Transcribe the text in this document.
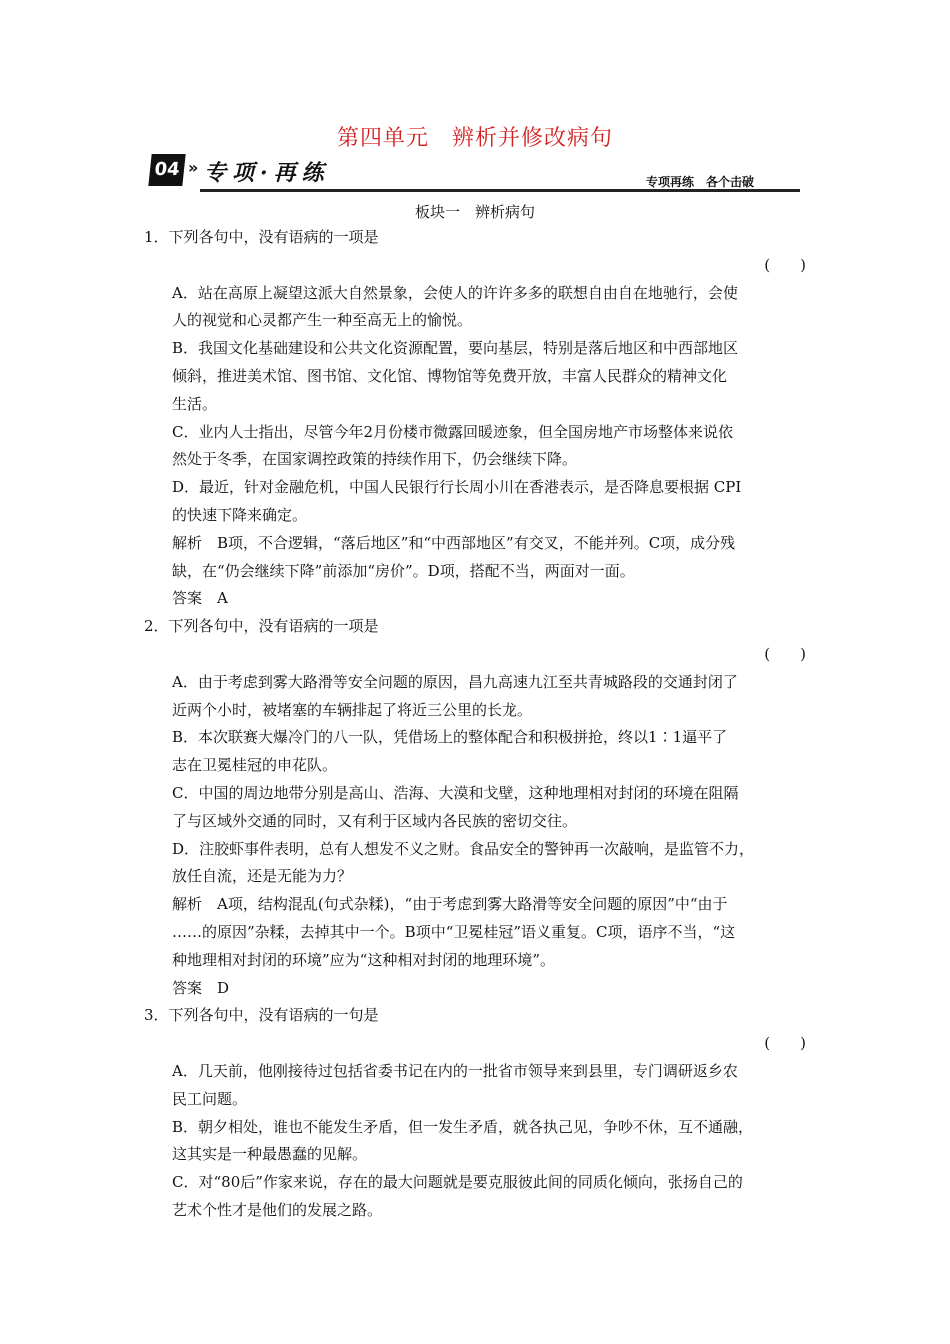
第四单元　辨析并修改病句
04 » 专项·再练	专项再练　各个击破
板块一　辨析病句
1．下列各句中，没有语病的一项是
(　　)
A．站在高原上凝望这派大自然景象，会使人的许许多多的联想自由自在地驰行，会使
人的视觉和心灵都产生一种至高无上的愉悦。
B．我国文化基础建设和公共文化资源配置，要向基层，特别是落后地区和中西部地区
倾斜，推进美术馆、图书馆、文化馆、博物馆等免费开放，丰富人民群众的精神文化
生活。
C．业内人士指出，尽管今年2月份楼市微露回暖迹象，但全国房地产市场整体来说依
然处于冬季，在国家调控政策的持续作用下，仍会继续下降。
D．最近，针对金融危机，中国人民银行行长周小川在香港表示，是否降息要根据 CPI
的快速下降来确定。
解析　B项，不合逻辑，“落后地区”和“中西部地区”有交叉，不能并列。C项，成分残
缺，在“仍会继续下降”前添加“房价”。D项，搭配不当，两面对一面。
答案　A
2．下列各句中，没有语病的一项是
(　　)
A．由于考虑到雾大路滑等安全问题的原因，昌九高速九江至共青城路段的交通封闭了
近两个小时，被堵塞的车辆排起了将近三公里的长龙。
B．本次联赛大爆冷门的八一队，凭借场上的整体配合和积极拼抢，终以1∶1逼平了
志在卫冕桂冠的申花队。
C．中国的周边地带分别是高山、浩海、大漠和戈壁，这种地理相对封闭的环境在阻隔
了与区域外交通的同时，又有利于区域内各民族的密切交往。
D．注胶虾事件表明，总有人想发不义之财。食品安全的警钟再一次敲响，是监管不力，
放任自流，还是无能为力？
解析　A项，结构混乱(句式杂糅)，“由于考虑到雾大路滑等安全问题的原因”中“由于
……的原因”杂糅，去掉其中一个。B项中“卫冕桂冠”语义重复。C项，语序不当，“这
种地理相对封闭的环境”应为“这种相对封闭的地理环境”。
答案　D
3．下列各句中，没有语病的一句是
(　　)
A．几天前，他刚接待过包括省委书记在内的一批省市领导来到县里，专门调研返乡农
民工问题。
B．朝夕相处，谁也不能发生矛盾，但一发生矛盾，就各执己见，争吵不休，互不通融，
这其实是一种最愚蠢的见解。
C．对“80后”作家来说，存在的最大问题就是要克服彼此间的同质化倾向，张扬自己的
艺术个性才是他们的发展之路。
